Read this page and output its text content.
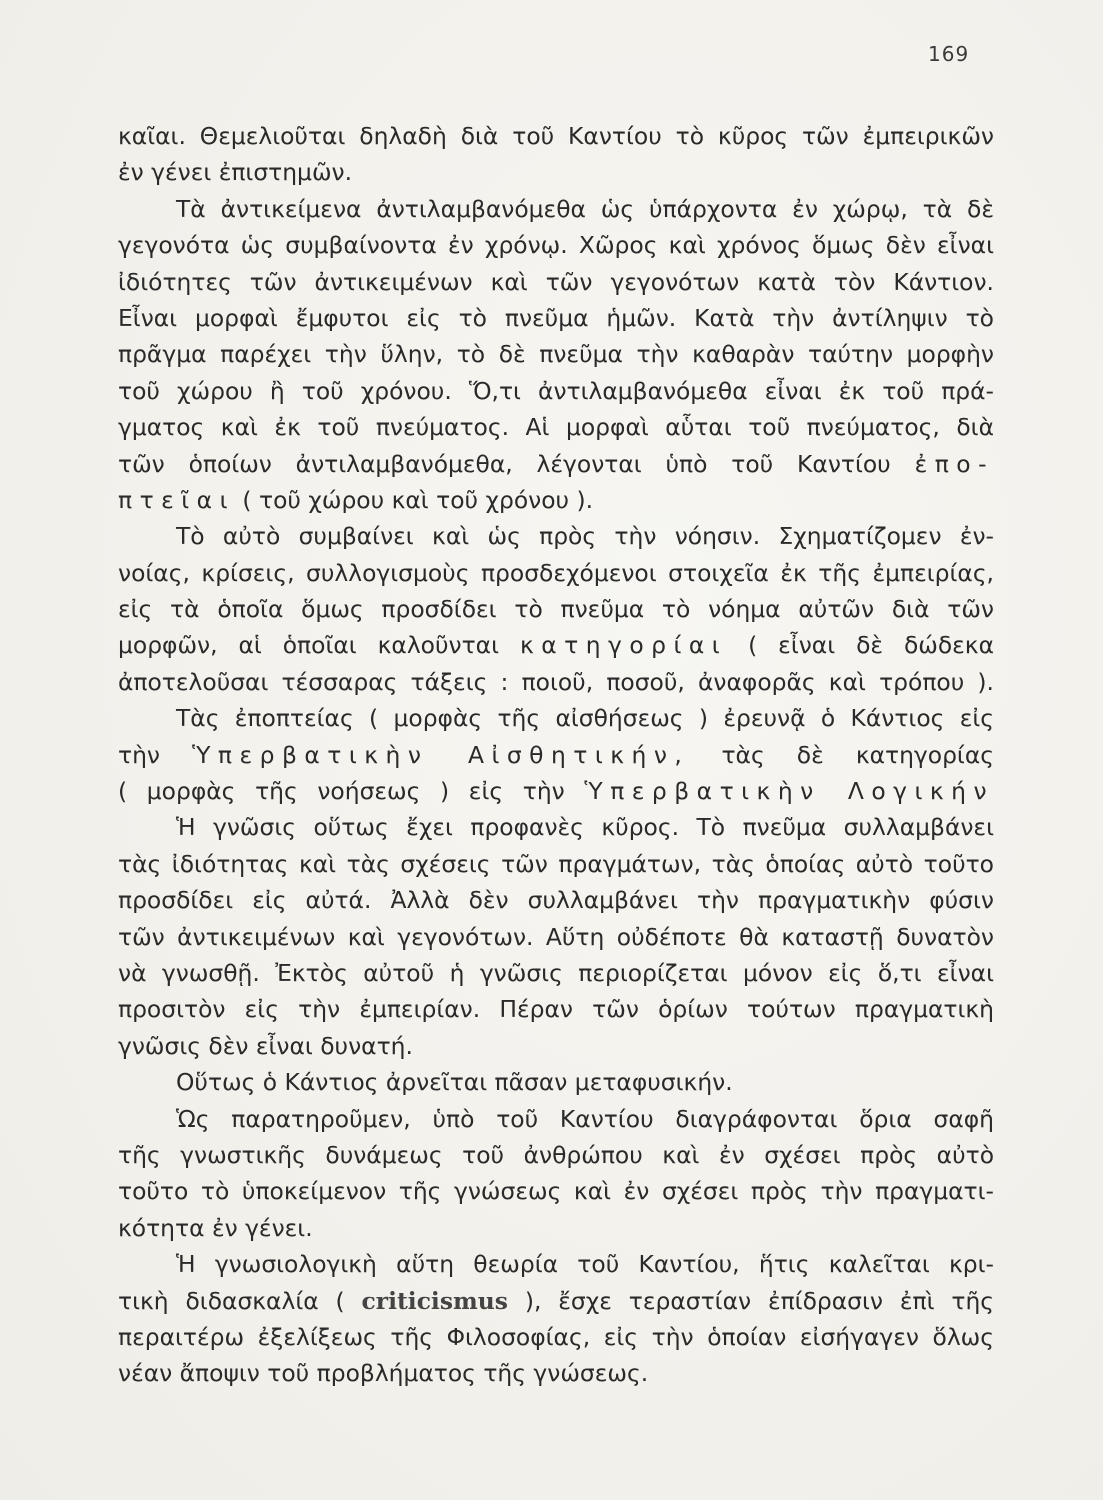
169
καῖαι. Θεμελιοῦται δηλαδὴ διὰ τοῦ Καντίου τὸ κῦρος τῶν ἐμπειρικῶν
ἐν γένει ἐπιστημῶν.
Τὰ ἀντικείμενα ἀντιλαμβανόμεθα ὡς ὑπάρχοντα ἐν χώρῳ, τὰ δὲ
γεγονότα ὡς συμβαίνοντα ἐν χρόνῳ. Χῶρος καὶ χρόνος ὅμως δὲν εἶναι
ἰδιότητες τῶν ἀντικειμένων καὶ τῶν γεγονότων κατὰ τὸν Κάντιον.
Εἶναι μορφαὶ ἔμφυτοι εἰς τὸ πνεῦμα ἡμῶν. Κατὰ τὴν ἀντίληψιν τὸ
πρᾶγμα παρέχει τὴν ὕλην, τὸ δὲ πνεῦμα τὴν καθαρὰν ταύτην μορφὴν
τοῦ χώρου ἢ τοῦ χρόνου. Ὅ,τι ἀντιλαμβανόμεθα εἶναι ἐκ τοῦ πρά-
γματος καὶ ἐκ τοῦ πνεύματος. Αἱ μορφαὶ αὗται τοῦ πνεύματος, διὰ
τῶν ὁποίων ἀντιλαμβανόμεθα, λέγονται ὑπὸ τοῦ Καντίου ἐπο-
πτεῖαι ( τοῦ χώρου καὶ τοῦ χρόνου ).
Τὸ αὐτὸ συμβαίνει καὶ ὡς πρὸς τὴν νόησιν. Σχηματίζομεν ἐν-
νοίας, κρίσεις, συλλογισμοὺς προσδεχόμενοι στοιχεῖα ἐκ τῆς ἐμπειρίας,
εἰς τὰ ὁποῖα ὅμως προσδίδει τὸ πνεῦμα τὸ νόημα αὐτῶν διὰ τῶν
μορφῶν, αἱ ὁποῖαι καλοῦνται κατηγορίαι ( εἶναι δὲ δώδεκα
ἀποτελοῦσαι τέσσαρας τάξεις : ποιοῦ, ποσοῦ, ἀναφορᾶς καὶ τρόπου ).
Τὰς ἐποπτείας ( μορφὰς τῆς αἰσθήσεως ) ἐρευνᾷ ὁ Κάντιος εἰς
τὴν Ὑπερβατικὴν Αἰσθητικήν, τὰς δὲ κατηγορίας
( μορφὰς τῆς νοήσεως ) εἰς τὴν Ὑπερβατικὴν Λογικήν
Ἡ γνῶσις οὕτως ἔχει προφανὲς κῦρος. Τὸ πνεῦμα συλλαμβάνει
τὰς ἰδιότητας καὶ τὰς σχέσεις τῶν πραγμάτων, τὰς ὁποίας αὐτὸ τοῦτο
προσδίδει εἰς αὐτά. Ἀλλὰ δὲν συλλαμβάνει τὴν πραγματικὴν φύσιν
τῶν ἀντικειμένων καὶ γεγονότων. Αὕτη οὐδέποτε θὰ καταστῇ δυνατὸν
νὰ γνωσθῇ. Ἐκτὸς αὐτοῦ ἡ γνῶσις περιορίζεται μόνον εἰς ὅ,τι εἶναι
προσιτὸν εἰς τὴν ἐμπειρίαν. Πέραν τῶν ὁρίων τούτων πραγματικὴ
γνῶσις δὲν εἶναι δυνατή.
Οὕτως ὁ Κάντιος ἀρνεῖται πᾶσαν μεταφυσικήν.
Ὡς παρατηροῦμεν, ὑπὸ τοῦ Καντίου διαγράφονται ὅρια σαφῆ
τῆς γνωστικῆς δυνάμεως τοῦ ἀνθρώπου καὶ ἐν σχέσει πρὸς αὐτὸ
τοῦτο τὸ ὑποκείμενον τῆς γνώσεως καὶ ἐν σχέσει πρὸς τὴν πραγματι-
κότητα ἐν γένει.
Ἡ γνωσιολογικὴ αὕτη θεωρία τοῦ Καντίου, ἥτις καλεῖται κρι-
τικὴ διδασκαλία ( criticismus ), ἔσχε τεραστίαν ἐπίδρασιν ἐπὶ τῆς
περαιτέρω ἐξελίξεως τῆς Φιλοσοφίας, εἰς τὴν ὁποίαν εἰσήγαγεν ὅλως
νέαν ἄποψιν τοῦ προβλήματος τῆς γνώσεως.
